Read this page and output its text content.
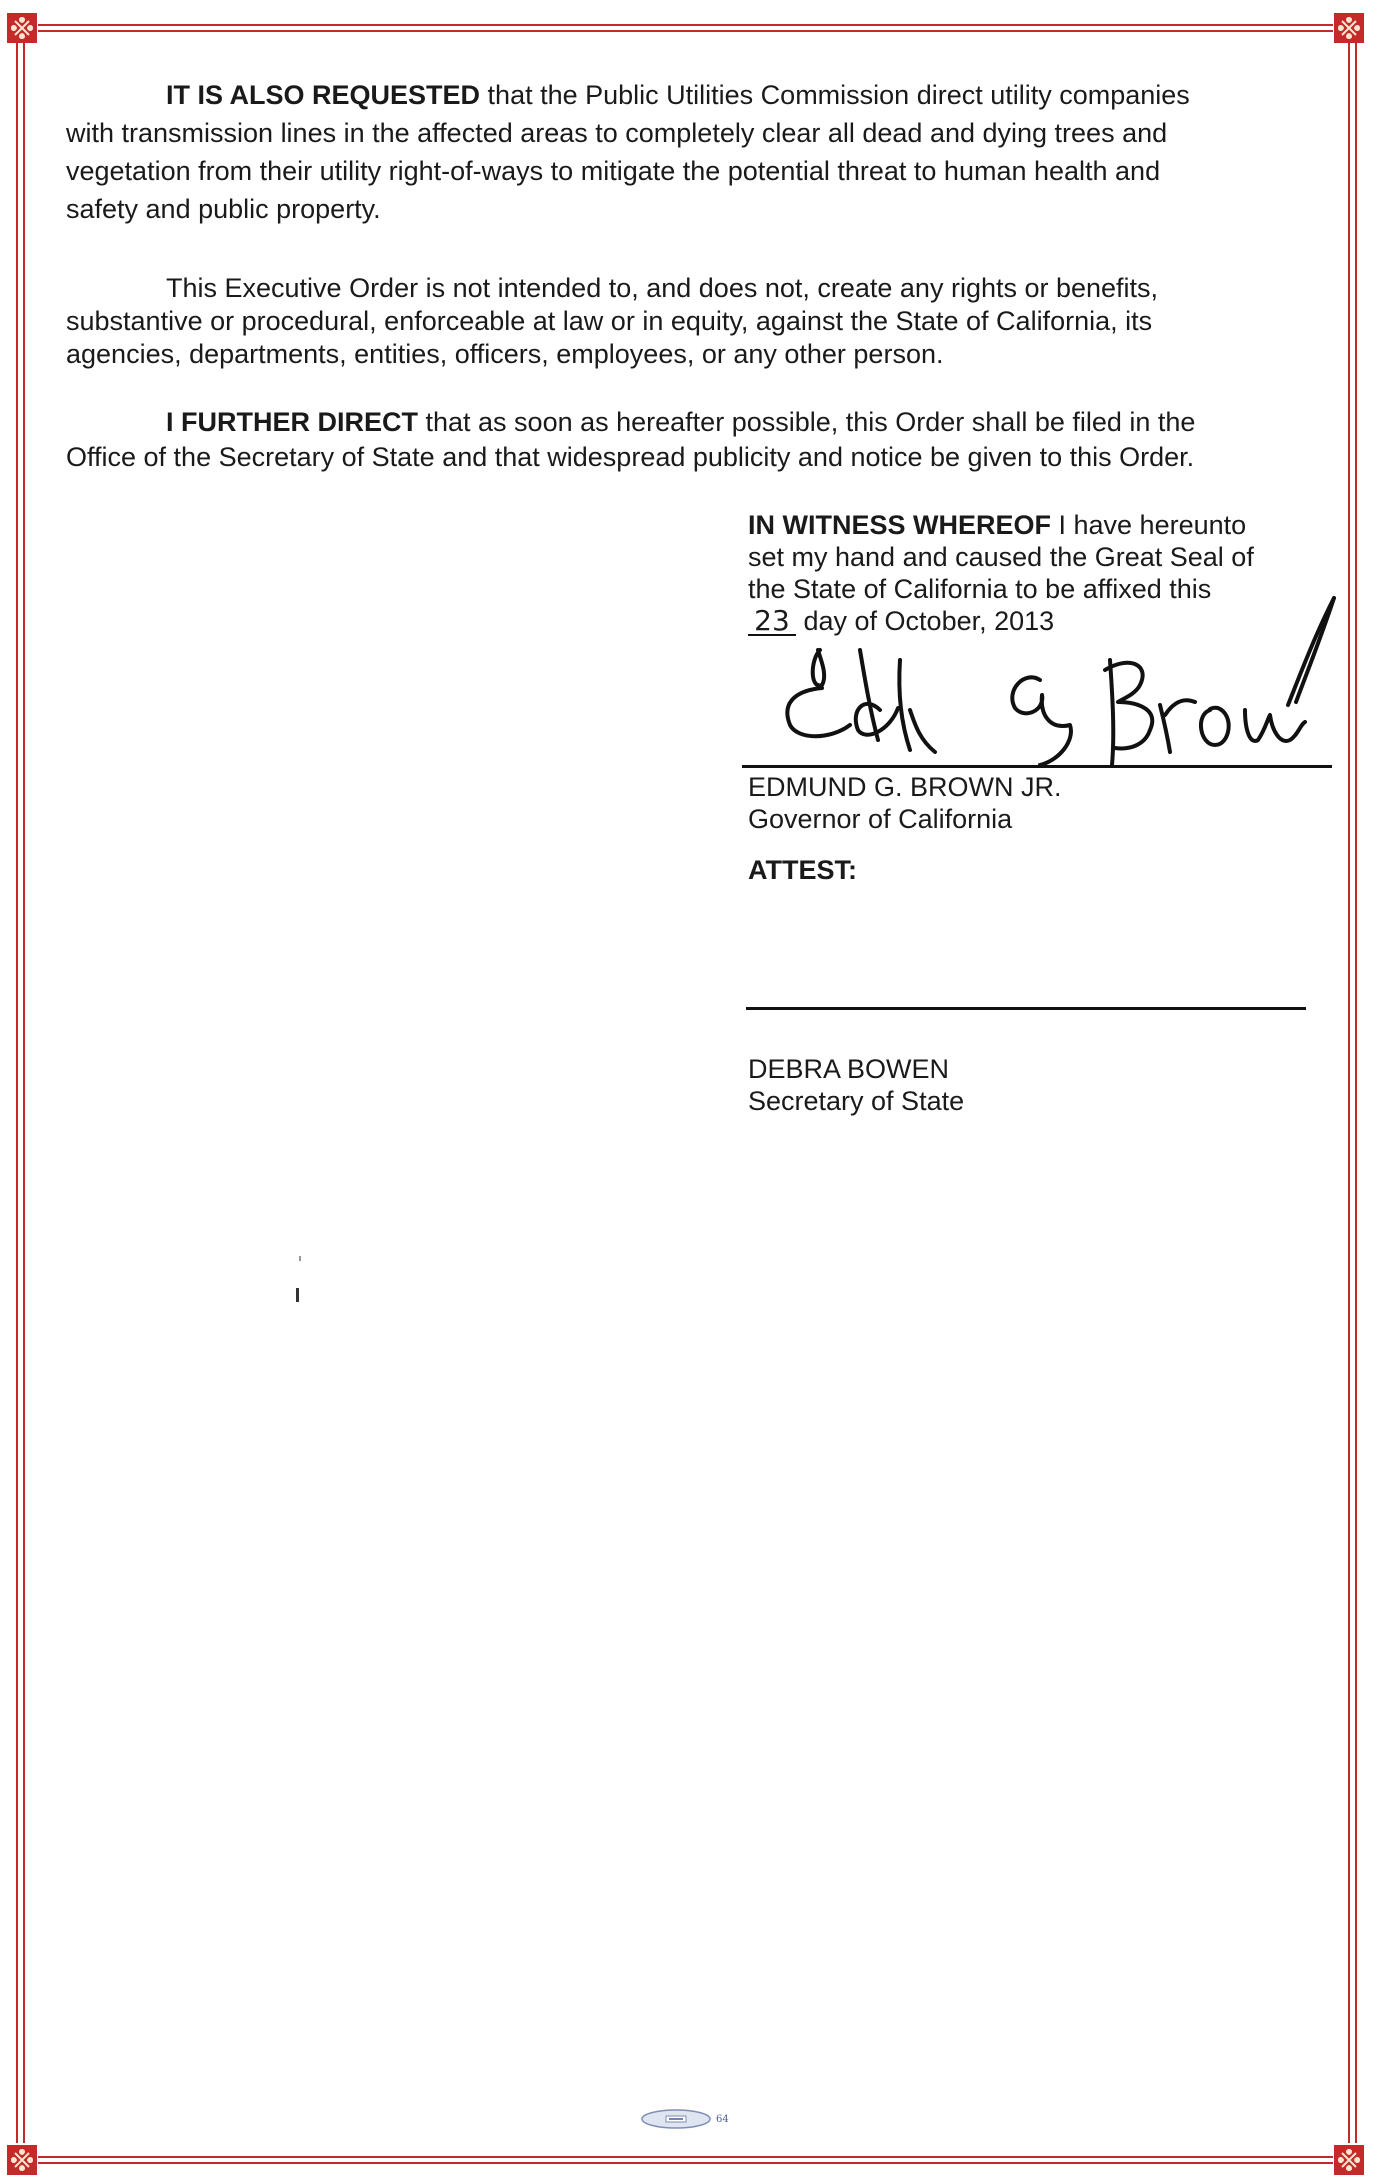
IT IS ALSO REQUESTED that the Public Utilities Commission direct utility companies
with transmission lines in the affected areas to completely clear all dead and dying trees and
vegetation from their utility right-of-ways to mitigate the potential threat to human health and
safety and public property.
This Executive Order is not intended to, and does not, create any rights or benefits,
substantive or procedural, enforceable at law or in equity, against the State of California, its
agencies, departments, entities, officers, employees, or any other person.
I FURTHER DIRECT that as soon as hereafter possible, this Order shall be filed in the
Office of the Secretary of State and that widespread publicity and notice be given to this Order.
IN WITNESS WHEREOF I have hereunto
set my hand and caused the Great Seal of
the State of California to be affixed this
23 day of October, 2013
EDMUND G. BROWN JR.
Governor of California
ATTEST:
DEBRA BOWEN
Secretary of State
64
